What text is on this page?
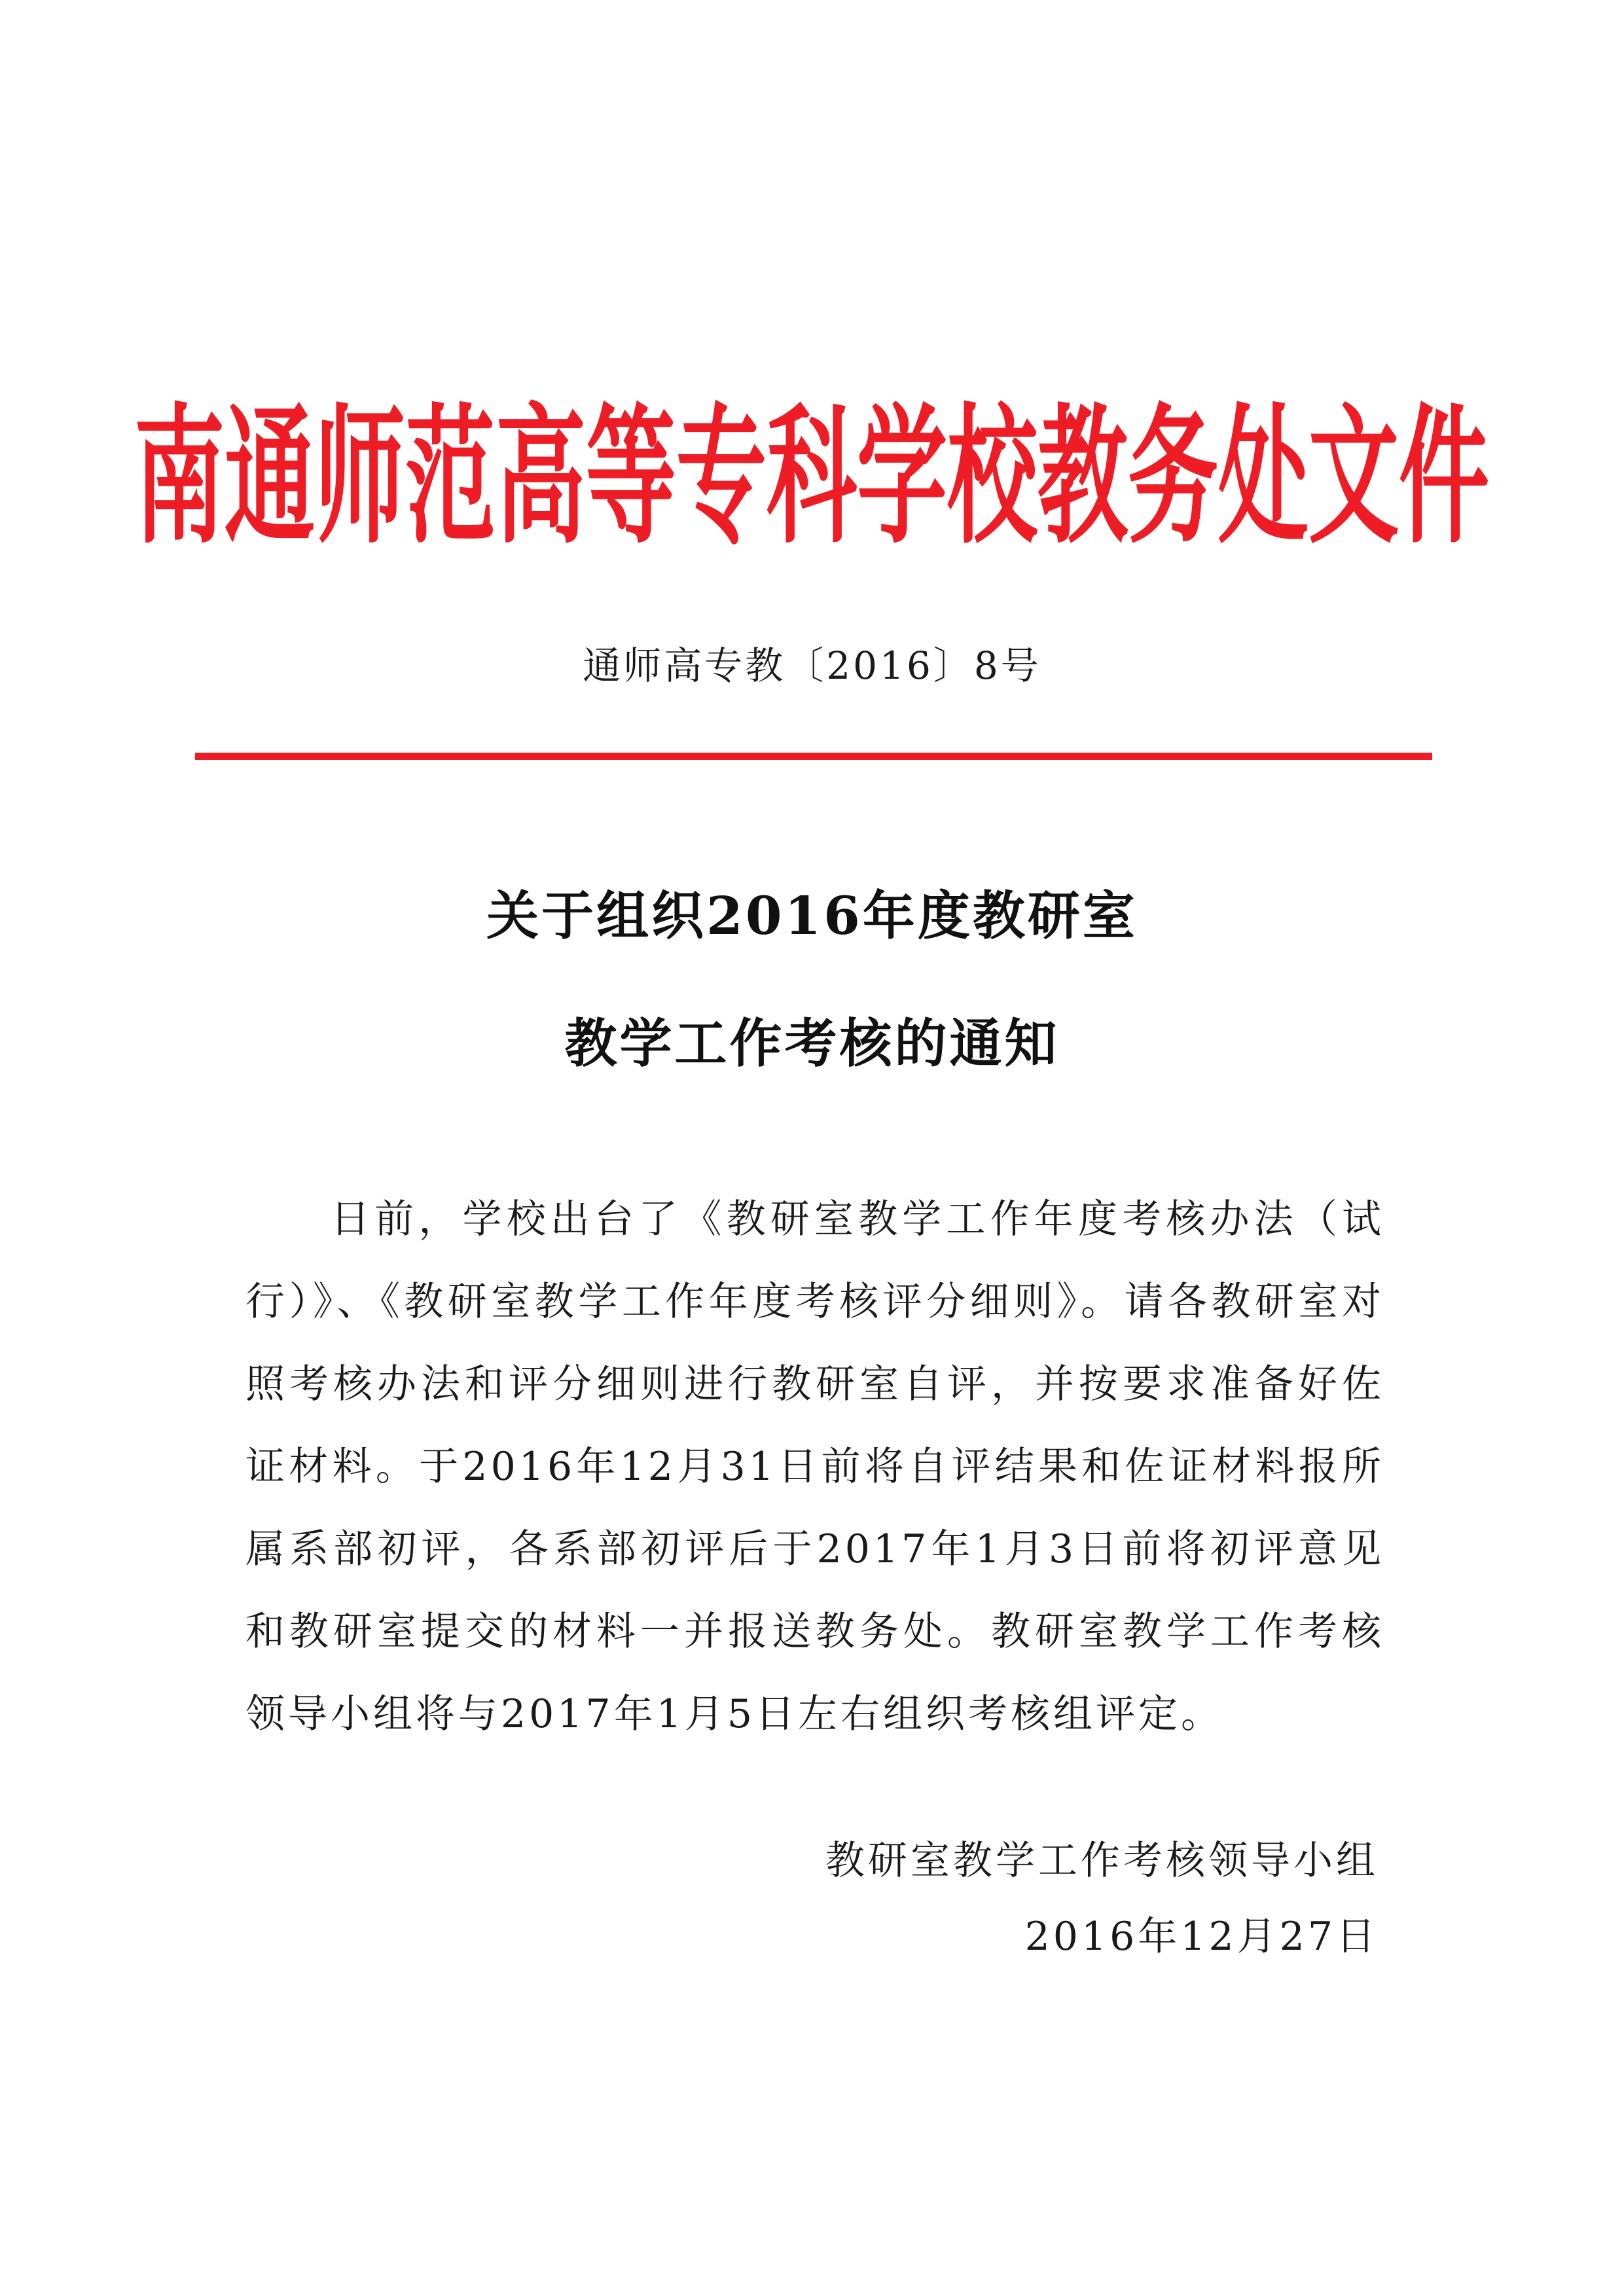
南通师范高等专科学校教务处文件
通师高专教〔2016〕8号
关于组织2016年度教研室
教学工作考核的通知

日前，学校出台了《教研室教学工作年度考核办法（试行）》、《教研室教学工作年度考核评分细则》。请各教研室对照考核办法和评分细则进行教研室自评，并按要求准备好佐证材料。于2016年12月31日前将自评结果和佐证材料报所属系部初评，各系部初评后于2017年1月3日前将初评意见和教研室提交的材料一并报送教务处。教研室教学工作考核领导小组将与2017年1月5日左右组织考核组评定。

教研室教学工作考核领导小组
2016年12月27日
